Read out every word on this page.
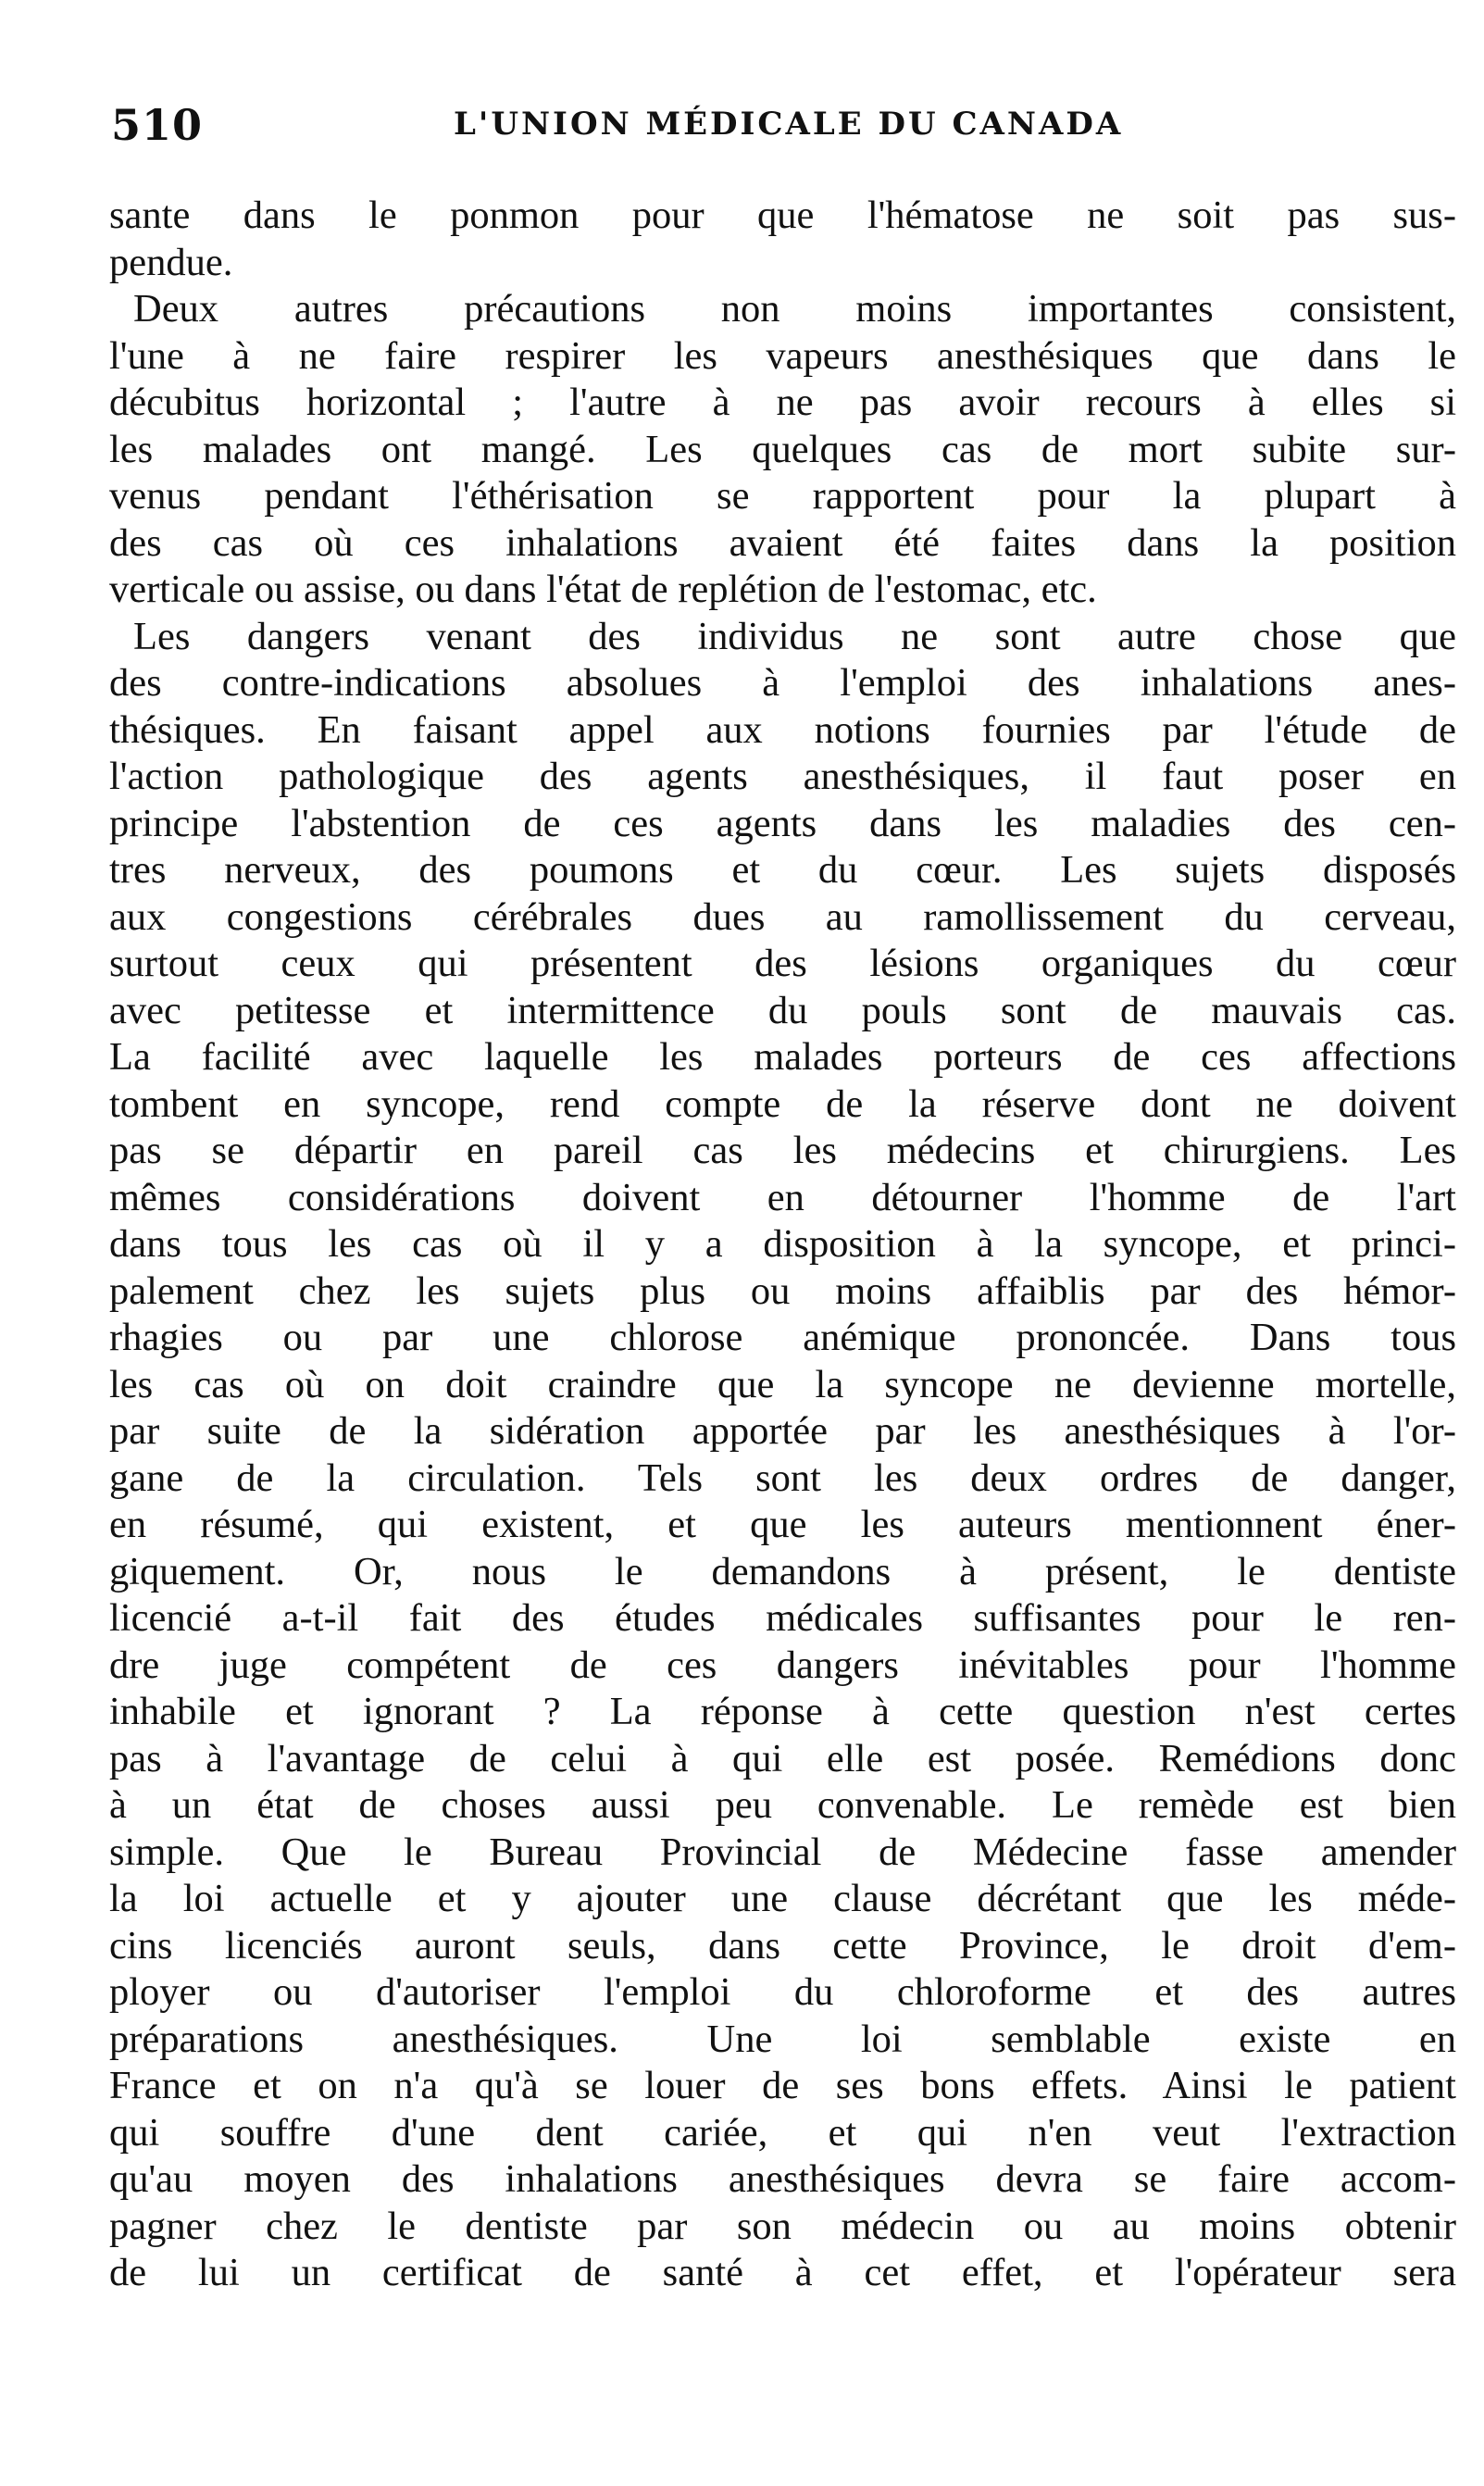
510	L'UNION MÉDICALE DU CANADA
sante dans le ponmon pour que l'hématose ne soit pas sus-
pendue.
Deux autres précautions non moins importantes consistent,
l'une à ne faire respirer les vapeurs anesthésiques que dans le
décubitus horizontal ; l'autre à ne pas avoir recours à elles si
les malades ont mangé. Les quelques cas de mort subite sur-
venus pendant l'éthérisation se rapportent pour la plupart à
des cas où ces inhalations avaient été faites dans la position
verticale ou assise, ou dans l'état de replétion de l'estomac, etc.
Les dangers venant des individus ne sont autre chose que
des contre-indications absolues à l'emploi des inhalations anes-
thésiques. En faisant appel aux notions fournies par l'étude de
l'action pathologique des agents anesthésiques, il faut poser en
principe l'abstention de ces agents dans les maladies des cen-
tres nerveux, des poumons et du cœur. Les sujets disposés
aux congestions cérébrales dues au ramollissement du cerveau,
surtout ceux qui présentent des lésions organiques du cœur
avec petitesse et intermittence du pouls sont de mauvais cas.
La facilité avec laquelle les malades porteurs de ces affections
tombent en syncope, rend compte de la réserve dont ne doivent
pas se départir en pareil cas les médecins et chirurgiens. Les
mêmes considérations doivent en détourner l'homme de l'art
dans tous les cas où il y a disposition à la syncope, et princi-
palement chez les sujets plus ou moins affaiblis par des hémor-
rhagies ou par une chlorose anémique prononcée. Dans tous
les cas où on doit craindre que la syncope ne devienne mortelle,
par suite de la sidération apportée par les anesthésiques à l'or-
gane de la circulation. Tels sont les deux ordres de danger,
en résumé, qui existent, et que les auteurs mentionnent éner-
giquement. Or, nous le demandons à présent, le dentiste
licencié a-t-il fait des études médicales suffisantes pour le ren-
dre juge compétent de ces dangers inévitables pour l'homme
inhabile et ignorant ? La réponse à cette question n'est certes
pas à l'avantage de celui à qui elle est posée. Remédions donc
à un état de choses aussi peu convenable. Le remède est bien
simple. Que le Bureau Provincial de Médecine fasse amender
la loi actuelle et y ajouter une clause décrétant que les méde-
cins licenciés auront seuls, dans cette Province, le droit d'em-
ployer ou d'autoriser l'emploi du chloroforme et des autres
préparations anesthésiques. Une loi semblable existe en
France et on n'a qu'à se louer de ses bons effets. Ainsi le patient
qui souffre d'une dent cariée, et qui n'en veut l'extraction
qu'au moyen des inhalations anesthésiques devra se faire accom-
pagner chez le dentiste par son médecin ou au moins obtenir
de lui un certificat de santé à cet effet, et l'opérateur sera
